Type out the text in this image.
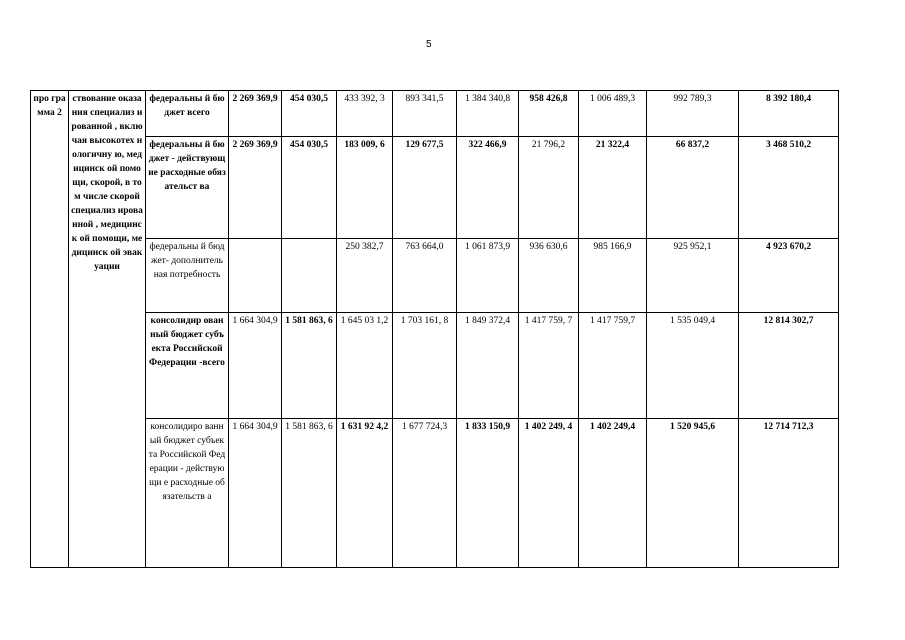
5
про гра мма 2	ствование оказания специализ ированной , включая высокотех нологичну ю, медицинск ой помощи, скорой, в том числе скорой специализ ированной , медицинск ой помощи, медицинск ой эвакуации	федеральны й бюджет всего	2 269 369,9	454 030,5	433 392, 3	893 341,5	1 384 340,8	958 426,8	1 006 489,3	992 789,3	8 392 180,4
		федеральны й бюджет - действующ ие расходные обязательст ва	2 269 369,9	454 030,5	183 009, 6	129 677,5	322 466,9	21 796,2	21 322,4	66 837,2	3 468 510,2
		федеральны й бюджет- дополнитель ная потребность			250 382,7	763 664,0	1 061 873,9	936 630,6	985 166,9	925 952,1	4 923 670,2
		консолидир ованный бюджет субъекта Российской Федерации -всего	1 664 304,9	1 581 863, 6	1 645 03 1,2	1 703 161, 8	1 849 372,4	1 417 759, 7	1 417 759,7	1 535 049,4	12 814 302,7
		консолидиро ванный бюджет субъекта Российской Федерации - действующи е расходные обязательств а	1 664 304,9	1 581 863, 6	1 631 92 4,2	1 677 724,3	1 833 150,9	1 402 249, 4	1 402 249,4	1 520 945,6	12 714 712,3
